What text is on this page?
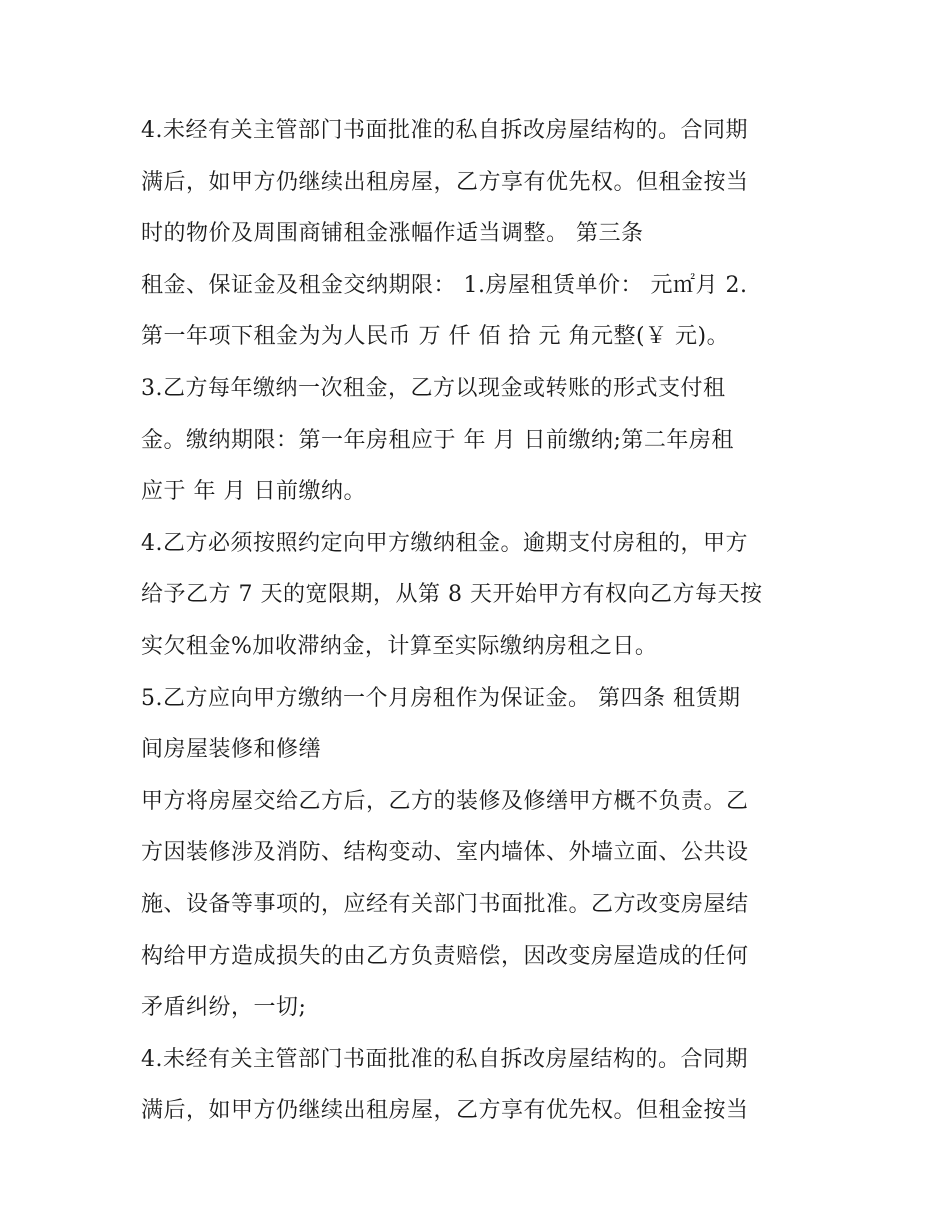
4.未经有关主管部门书面批准的私自拆改房屋结构的。合同期
满后，如甲方仍继续出租房屋，乙方享有优先权。但租金按当
时的物价及周围商铺租金涨幅作适当调整。 第三条
租金、保证金及租金交纳期限： 1.房屋租赁单价： 元㎡月 2.
第一年项下租金为为人民币 万 仟 佰 拾 元 角元整(￥ 元)。
3.乙方每年缴纳一次租金，乙方以现金或转账的形式支付租
金。缴纳期限：第一年房租应于 年 月 日前缴纳;第二年房租
应于 年 月 日前缴纳。
4.乙方必须按照约定向甲方缴纳租金。逾期支付房租的，甲方
给予乙方 7 天的宽限期，从第 8 天开始甲方有权向乙方每天按
实欠租金%加收滞纳金，计算至实际缴纳房租之日。
5.乙方应向甲方缴纳一个月房租作为保证金。 第四条 租赁期
间房屋装修和修缮
甲方将房屋交给乙方后，乙方的装修及修缮甲方概不负责。乙
方因装修涉及消防、结构变动、室内墙体、外墙立面、公共设
施、设备等事项的，应经有关部门书面批准。乙方改变房屋结
构给甲方造成损失的由乙方负责赔偿，因改变房屋造成的任何
矛盾纠纷，一切;
4.未经有关主管部门书面批准的私自拆改房屋结构的。合同期
满后，如甲方仍继续出租房屋，乙方享有优先权。但租金按当
